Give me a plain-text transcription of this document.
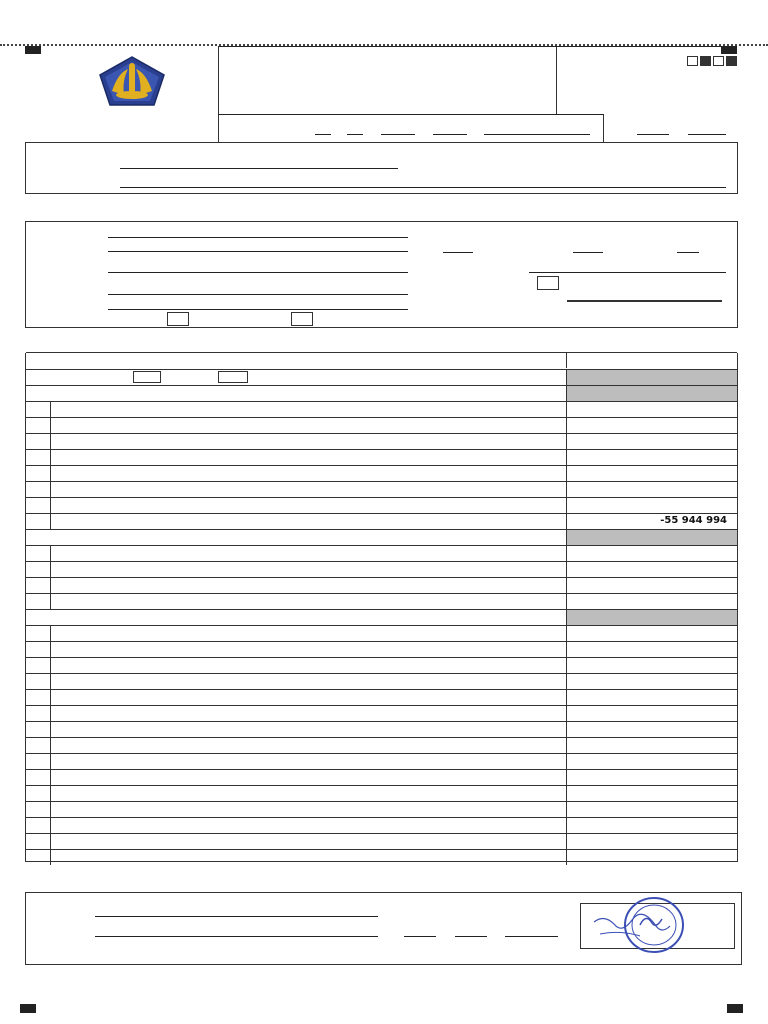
-55 944 994
